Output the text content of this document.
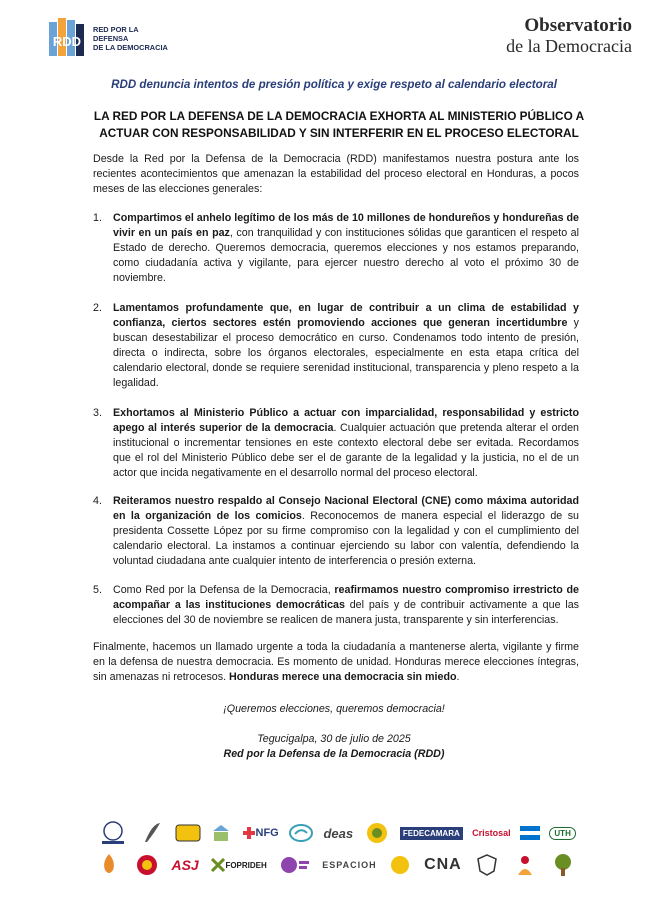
RDD
RED POR LA DEFENSA
DE LA DEMOCRACIA
Observatorio
de la Democracia
RDD denuncia intentos de presión política y exige respeto al calendario electoral
LA RED POR LA DEFENSA DE LA DEMOCRACIA EXHORTA AL MINISTERIO PÚBLICO A
ACTUAR CON RESPONSABILIDAD Y SIN INTERFERIR EN EL PROCESO ELECTORAL
Desde la Red por la Defensa de la Democracia (RDD) manifestamos nuestra postura ante los recientes acontecimientos que amenazan la estabilidad del proceso electoral en Honduras, a pocos meses de las elecciones generales:
1. Compartimos el anhelo legítimo de los más de 10 millones de hondureños y hondureñas de vivir en un país en paz, con tranquilidad y con instituciones sólidas que garanticen el respeto al Estado de derecho. Queremos democracia, queremos elecciones y nos estamos preparando, como ciudadanía activa y vigilante, para ejercer nuestro derecho al voto el próximo 30 de noviembre.
2. Lamentamos profundamente que, en lugar de contribuir a un clima de estabilidad y confianza, ciertos sectores estén promoviendo acciones que generan incertidumbre y buscan desestabilizar el proceso democrático en curso. Condenamos todo intento de presión, directa o indirecta, sobre los órganos electorales, especialmente en esta etapa crítica del calendario electoral, donde se requiere serenidad institucional, transparencia y pleno respeto a la legalidad.
3. Exhortamos al Ministerio Público a actuar con imparcialidad, responsabilidad y estricto apego al interés superior de la democracia. Cualquier actuación que pretenda alterar el orden institucional o incrementar tensiones en este contexto electoral debe ser evitada. Recordamos que el rol del Ministerio Público debe ser el de garante de la legalidad y la justicia, no el de un actor que incida negativamente en el desarrollo normal del proceso electoral.
4. Reiteramos nuestro respaldo al Consejo Nacional Electoral (CNE) como máxima autoridad en la organización de los comicios. Reconocemos de manera especial el liderazgo de su presidenta Cossette López por su firme compromiso con la legalidad y con el cumplimiento del calendario electoral. La instamos a continuar ejerciendo su labor con valentía, defendiendo la voluntad ciudadana ante cualquier intento de interferencia o presión externa.
5. Como Red por la Defensa de la Democracia, reafirmamos nuestro compromiso irrestricto de acompañar a las instituciones democráticas del país y de contribuir activamente a que las elecciones del 30 de noviembre se realicen de manera justa, transparente y sin interferencias.
Finalmente, hacemos un llamado urgente a toda la ciudadanía a mantenerse alerta, vigilante y firme en la defensa de nuestra democracia. Es momento de unidad. Honduras merece elecciones íntegras, sin amenazas ni retrocesos. Honduras merece una democracia sin miedo.
¡Queremos elecciones, queremos democracia!
Tegucigalpa, 30 de julio de 2025
Red por la Defensa de la Democracia (RDD)
NFG	deas	FEDECAMARA Cristosal	UTH
ASJ	FOPRIDEH	ESPACIOH	CNA
